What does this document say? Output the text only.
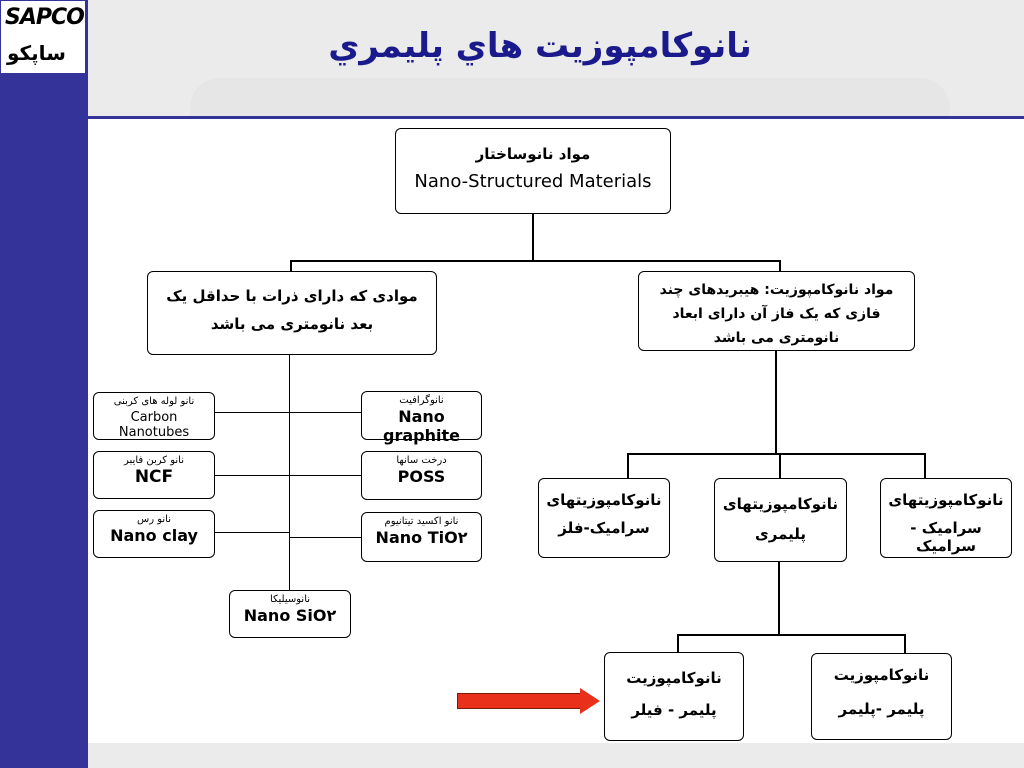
SAPCO
ساپکو	نانوكامپوزيت هاي پليمري
مواد نانوساختار
Nano-Structured Materials
موادی که دارای ذرات با حداقل یک بعد نانومتری می باشد
مواد نانوکامپوزیت: هیبریدهای چند فازی که یک فاز آن دارای ابعاد نانومتری می باشد
نانو لوله های کربنی
Carbon Nanotubes
نانو کربن فایبر
NCF
نانو رس
Nano clay
نانوسیلیکا
Nano SiO۲
نانوگرافیت
Nano graphite
درخت سانها
POSS
نانو اکسید تیتانیوم
Nano TiO۲
نانوکامپوزیتهای
سرامیک-فلز
نانوکامپوزیتهای
پلیمری
نانوکامپوزیتهای
سرامیک - سرامیک
نانوکامپوزیت
پلیمر - فیلر
نانوکامپوزیت
پلیمر -پلیمر
